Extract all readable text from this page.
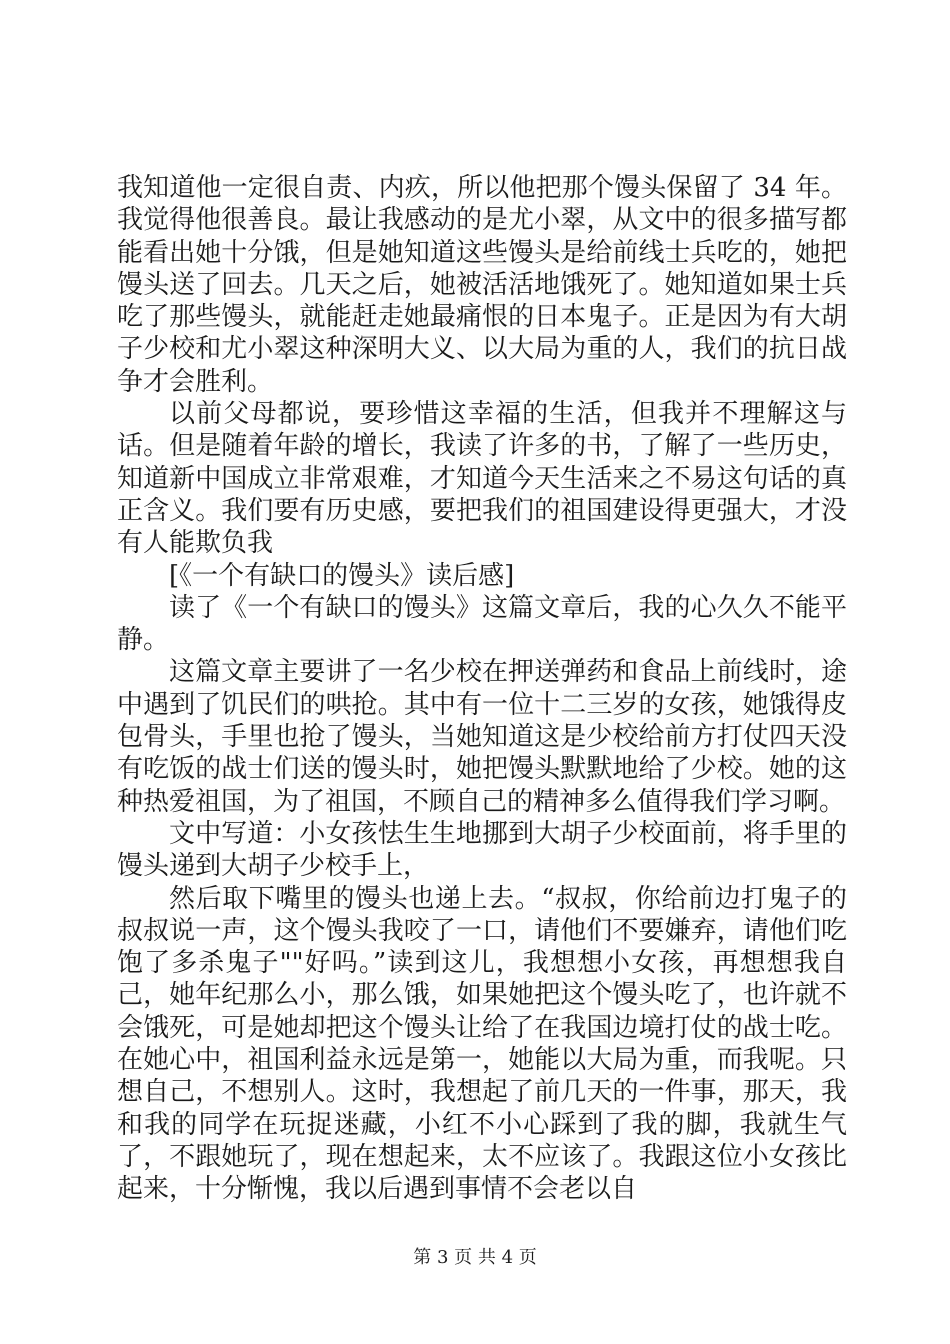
我知道他一定很自责、内疚，所以他把那个馒头保留了 34 年。我觉得他很善良。最让我感动的是尤小翠，从文中的很多描写都能看出她十分饿，但是她知道这些馒头是给前线士兵吃的，她把馒头送了回去。几天之后，她被活活地饿死了。她知道如果士兵吃了那些馒头，就能赶走她最痛恨的日本鬼子。正是因为有大胡子少校和尤小翠这种深明大义、以大局为重的人，我们的抗日战争才会胜利。

以前父母都说，要珍惜这幸福的生活，但我并不理解这与话。但是随着年龄的增长，我读了许多的书，了解了一些历史，知道新中国成立非常艰难，才知道今天生活来之不易这句话的真正含义。我们要有历史感，要把我们的祖国建设得更强大，才没有人能欺负我

[《一个有缺口的馒头》读后感]

读了《一个有缺口的馒头》这篇文章后，我的心久久不能平静。

这篇文章主要讲了一名少校在押送弹药和食品上前线时，途中遇到了饥民们的哄抢。其中有一位十二三岁的女孩，她饿得皮包骨头，手里也抢了馒头，当她知道这是少校给前方打仗四天没有吃饭的战士们送的馒头时，她把馒头默默地给了少校。她的这种热爱祖国，为了祖国，不顾自己的精神多么值得我们学习啊。

文中写道：小女孩怯生生地挪到大胡子少校面前，将手里的馒头递到大胡子少校手上，

然后取下嘴里的馒头也递上去。“叔叔，你给前边打鬼子的叔叔说一声，这个馒头我咬了一口，请他们不要嫌弃，请他们吃饱了多杀鬼子""好吗。”读到这儿，我想想小女孩，再想想我自己，她年纪那么小，那么饿，如果她把这个馒头吃了，也许就不会饿死，可是她却把这个馒头让给了在我国边境打仗的战士吃。在她心中，祖国利益永远是第一，她能以大局为重，而我呢。只想自己，不想别人。这时，我想起了前几天的一件事，那天，我和我的同学在玩捉迷藏，小红不小心踩到了我的脚，我就生气了，不跟她玩了，现在想起来，太不应该了。我跟这位小女孩比起来，十分惭愧，我以后遇到事情不会老以自

第 3 页 共 4 页
